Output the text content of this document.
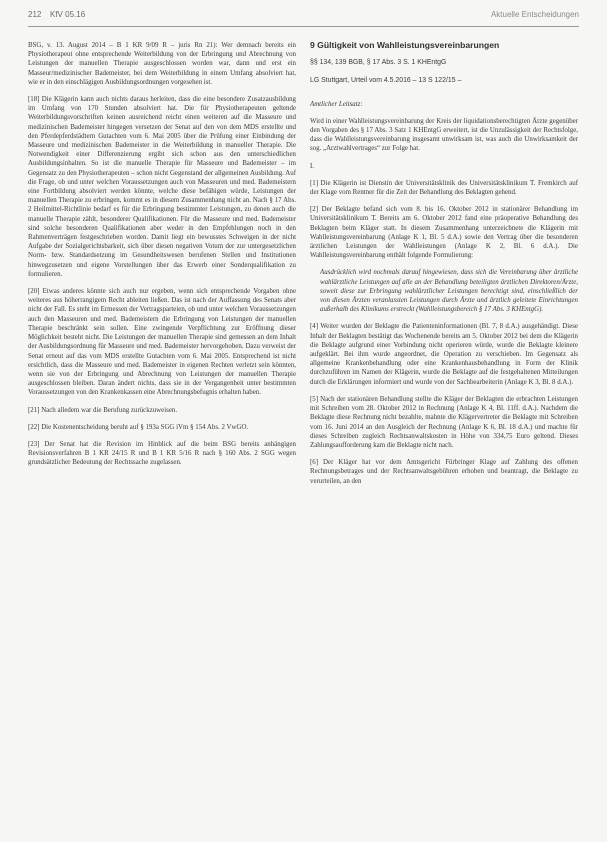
212	KfV 05.16	Aktuelle Entscheidungen

BSG, v. 13. August 2014 – B 1 KR 9/09 R – juris Rn 21): Wer demnach bereits ein Physiotherapeut ohne entsprechende Weiterbildung von der Erbringung und Abrechnung von Leistungen der manuellen Therapie ausgeschlossen worden war, dann und erst ein Masseur/medizinischer Bademeister, bei dem Weiterbildung in einem Umfang absolviert hat, wie er in den einschlägigen Ausbildungsordnungen vorgesehen ist.

[18] Die Klägerin kann auch nichts daraus herleiten, dass die eine besondere Zusatzausbildung im Umfang von 170 Stunden absolviert hat. Die für Physiotherapeuten geltende Weiterbildungsvorschriften keinen ausreichend reicht einen weiteren auf die Masseure und medizinischen Bademeister hingegen versetzen der Senat auf den von dem MDS erstellte und den Pferdepferdstädtern Gutachten vom 6. Mai 2005 über die Prüfung einer Einbindung der Masseure und medizinischen Bademeister in die Weiterbildung in manueller Therapie. Die Notwendigkeit einer Differenzierung ergibt sich schon aus den unterschiedlichen Ausbildungsinhalten. So ist die manuelle Therapie für Masseure und Bademeister – im Gegensatz zu den Physiotherapeuten – schon nicht Gegenstand der allgemeinen Ausbildung. Auf die Frage, ob und unter welchen Voraussetzungen auch von Masseuren und med. Bademeistern eine Fortbildung absolviert werden könnte, welche diese befähigen würde, Leistungen der manuellen Therapie zu erbringen, kommt es in diesem Zusammenhang nicht an. Nach § 17 Abs. 2 Heilmittel-Richtlinie bedarf es für die Erbringung bestimmter Leistungen, zu denen auch die manuelle Therapie zählt, besonderer Qualifikationen. Für die Masseure und med. Bademeister sind solche besonderen Qualifikationen aber weder in den Empfehlungen noch in den Rahmenverträgen festgeschrieben worden. Damit liegt ein bewusstes Schweigen in der nicht Aufgabe der Sozialgerichtsbarkeit, sich über diesen negativen Votum der zur untergesetzlichen Norm- bzw. Standardsetzung im Gesundheitswesen berufenen Stellen und Institutionen hinwegzusetzen und eigene Vorstellungen über das Erwerb einer Sonderqualifikation zu formulieren.

[20] Etwas anderes könnte sich auch nur ergeben, wenn sich entsprechende Vorgaben ohne weiteres aus höherrangigem Recht ableiten ließen. Das ist nach der Auffassung des Senats aber nicht der Fall. Es steht im Ermessen der Vertragsparteien, ob und unter welchen Voraussetzungen auch den Masseuren und med. Bademeistern die Erbringung von Leistungen der manuellen Therapie beschränkt sein sollen. Eine zwingende Verpflichtung zur Eröffnung dieser Möglichkeit besteht nicht. Die Leistungen der manuellen Therapie sind gemessen an dem Inhalt der Ausbildungsordnung für Masseure und med. Bademeister hervorgehoben. Dazu verweist der Senat erneut auf das vom MDS erstellte Gutachten vom 6. Mai 2005. Entsprechend ist nicht ersichtlich, dass die Masseure und med. Bademeister in eigenen Rechten verletzt sein könnten, wenn sie von der Erbringung und Abrechnung von Leistungen der manuellen Therapie ausgeschlossen bleiben. Daran ändert nichts, dass sie in der Vergangenheit unter bestimmten Voraussetzungen von den Krankenkassen eine Abrechnungsbefugnis erhalten haben.

[21] Nach alledem war die Berufung zurückzuweisen.

[22] Die Kostenentscheidung beruht auf § 193a SGG iVm § 154 Abs. 2 VwGO.

[23] Der Senat hat die Revision im Hinblick auf die beim BSG bereits anhängigen Revisionsverfahren B 1 KR 24/15 R und B 1 KR 5/16 R nach § 160 Abs. 2 SGG wegen grundsätzlicher Bedeutung der Rechtssache zugelassen.

9 Gültigkeit von Wahlleistungsvereinbarungen
§§ 134, 139 BGB, § 17 Abs. 3 S. 1 KHEntgG
LG Stuttgart, Urteil vom 4.5.2016 – 13 S 122/15 –

Amtlicher Leitsatz:

Wird in einer Wahlleistungsvereinbarung der Kreis der liquidationsberechtigten Ärzte gegenüber den Vorgaben des § 17 Abs. 3 Satz 1 KHEntgG erweitert, ist die Unzulässigkeit der Rechtsfolge, dass die Wahlleistungsvereinbarung insgesamt unwirksam ist, was auch die Unwirksamkeit der sog. „Arztwahlvertrages“ zur Folge hat.

I.

[1] Die Klägerin ist Dienstin der Universitätsklinik des Universitätsklinikum T. Fremkirch auf der Klage vom Rentner für die Zeit der Behandlung des Beklagten gehend.

[2] Der Beklagte befand sich vom 8. bis 16. Oktober 2012 in stationärer Behandlung im Universitätsklinikum T. Bereits am 6. Oktober 2012 fand eine präoperative Behandlung des Beklagten beim Kläger statt. In diesem Zusammenhang unterzeichnete die Klägerin mit Wahlleistungsvereinbarung (Anlage K 1, Bl. 5 d.A.) sowie den Vertrag über die besonderen ärztlichen Leistungen der Wahlleistungen (Anlage K 2, Bl. 6 d.A.). Die Wahlleistungsvereinbarung enthält folgende Formulierung:

Ausdrücklich wird nochmals darauf hingewiesen, dass sich die Vereinbarung über ärztliche wahlärztliche Leistungen auf alle an der Behandlung beteiligten ärztlichen Direktoren/Ärzte, soweit diese zur Erbringung wahlärztlicher Leistungen berechtigt sind, einschließlich der von diesen Ärzten veranlassten Leistungen durch Ärzte und ärztlich geleitete Einrichtungen außerhalb des Klinikums erstreckt (Wahlleistungsbereich § 17 Abs. 3 KHEntgG).

[4] Weiter wurden der Beklagte die Patienteninformationen (Bl. 7, 8 d.A.) ausgehändigt. Diese Inhalt der Beklagten bestätigt das Wochenende bereits am 5. Oktober 2012 bei dem die Klägerin die Beklagte aufgrund einer Vorbindung nicht operieren würde, wurde die Beklagte kleinere aufgeklärt. Bei ihm wurde angeordnet, die Operation zu verschieben. Im Gegensatz als allgemeine Krankenbehandlung oder eine Krankenhausbehandlung in Form der Klinik durchzuführen im Namen der Klägerin, wurde die Beklagte auf die festgehaltenen Mitteilungen durch die Erklärungen informiert und wurde von der Sachbearbeiterin (Anlage K 3, Bl. 8 d.A.).

[5] Nach der stationären Behandlung stellte die Kläger der Beklagten die erbrachten Leistungen mit Schreiben vom 28. Oktober 2012 in Rechnung (Anlage K 4, Bl. 11ff. d.A.). Nachdem die Beklagte diese Rechnung nicht bezahlte, mahnte die Klägervertreter die Beklagte mit Schreiben vom 16. Juni 2014 an den Ausgleich der Rechnung (Anlage K 6, Bl. 18 d.A.) und machte für dieses Schreiben zugleich Rechtsanwaltskosten in Höhe von 334,75 Euro geltend. Dieses Zahlungsaufforderung kam die Beklagte nicht nach.

[6] Der Kläger hat vor dem Amtsgericht Fürbringer Klage auf Zahlung des offenen Rechnungsbetrages und der Rechtsanwaltsgebühren erhoben und beantragt, die Beklagte zu verurteilen, an den
